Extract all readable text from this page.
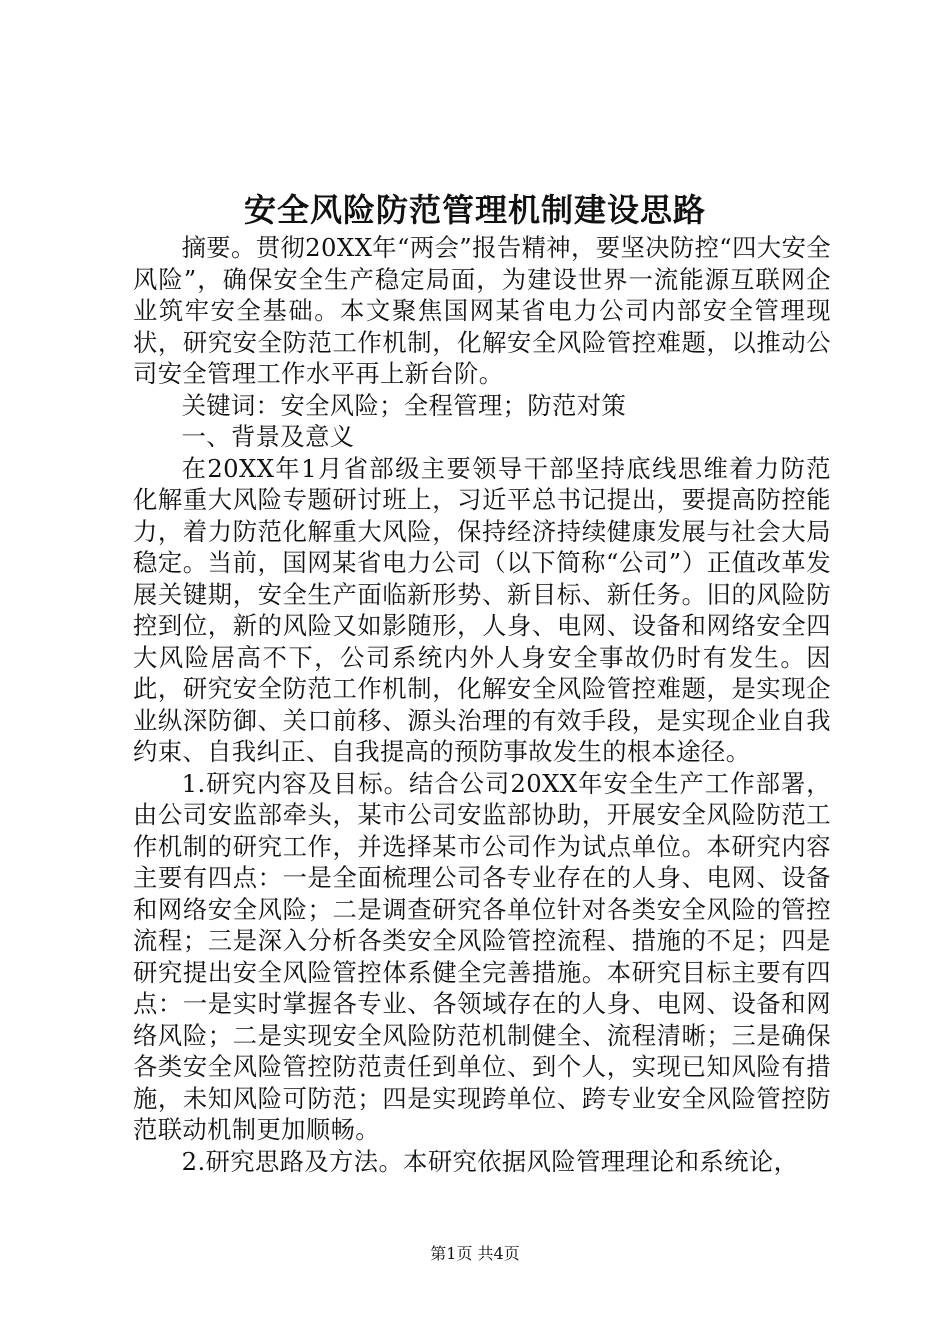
安全风险防范管理机制建设思路

摘要。贯彻20XX年“两会”报告精神，要坚决防控“四大安全风险”，确保安全生产稳定局面，为建设世界一流能源互联网企业筑牢安全基础。本文聚焦国网某省电力公司内部安全管理现状，研究安全防范工作机制，化解安全风险管控难题，以推动公司安全管理工作水平再上新台阶。

关键词：安全风险；全程管理；防范对策

一、背景及意义

在20XX年1月省部级主要领导干部坚持底线思维着力防范化解重大风险专题研讨班上，习近平总书记提出，要提高防控能力，着力防范化解重大风险，保持经济持续健康发展与社会大局稳定。当前，国网某省电力公司（以下简称“公司”）正值改革发展关键期，安全生产面临新形势、新目标、新任务。旧的风险防控到位，新的风险又如影随形，人身、电网、设备和网络安全四大风险居高不下，公司系统内外人身安全事故仍时有发生。因此，研究安全防范工作机制，化解安全风险管控难题，是实现企业纵深防御、关口前移、源头治理的有效手段，是实现企业自我约束、自我纠正、自我提高的预防事故发生的根本途径。

1.研究内容及目标。结合公司20XX年安全生产工作部署，由公司安监部牵头，某市公司安监部协助，开展安全风险防范工作机制的研究工作，并选择某市公司作为试点单位。本研究内容主要有四点：一是全面梳理公司各专业存在的人身、电网、设备和网络安全风险；二是调查研究各单位针对各类安全风险的管控流程；三是深入分析各类安全风险管控流程、措施的不足；四是研究提出安全风险管控体系健全完善措施。本研究目标主要有四点：一是实时掌握各专业、各领域存在的人身、电网、设备和网络风险；二是实现安全风险防范机制健全、流程清晰；三是确保各类安全风险管控防范责任到单位、到个人，实现已知风险有措施，未知风险可防范；四是实现跨单位、跨专业安全风险管控防范联动机制更加顺畅。

2.研究思路及方法。本研究依据风险管理理论和系统论，

第1页 共4页
